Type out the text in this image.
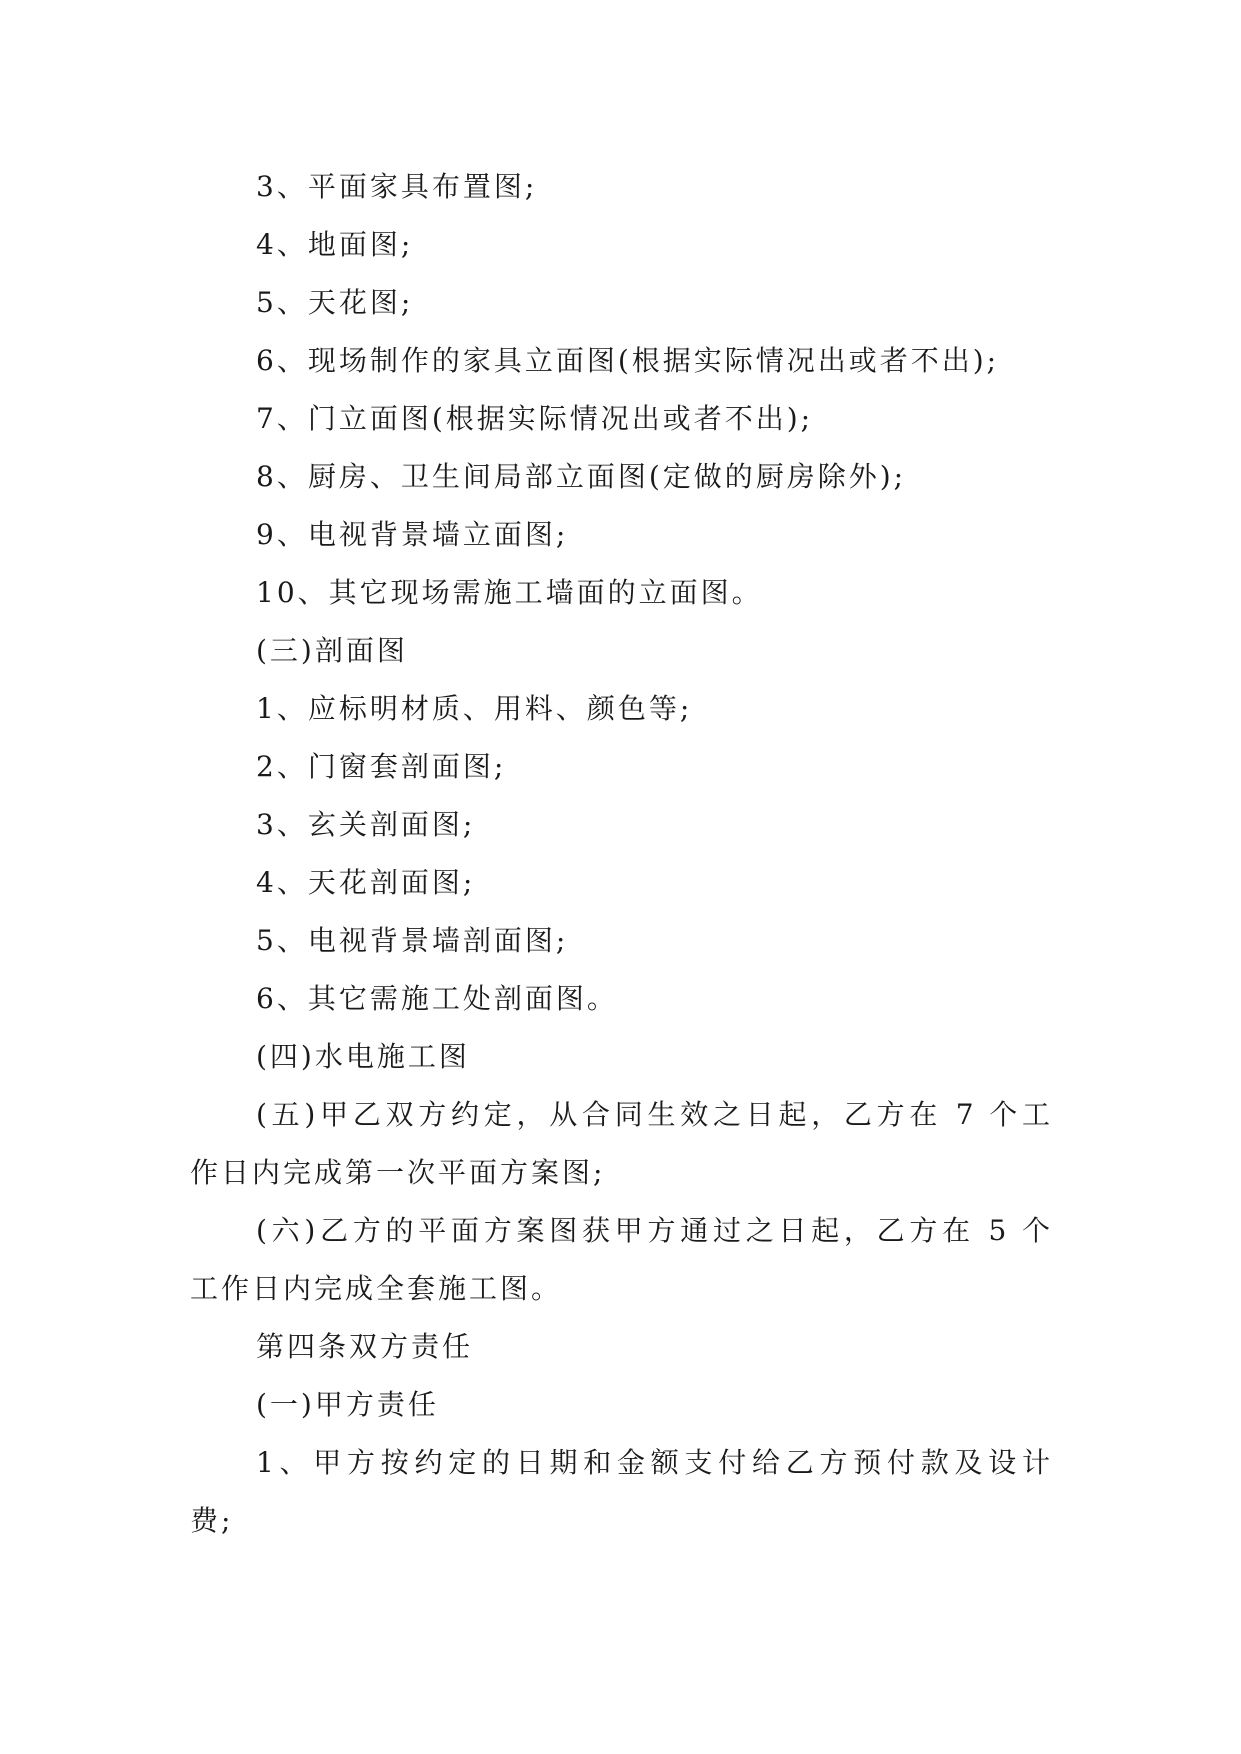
3、平面家具布置图;
4、地面图;
5、天花图;
6、现场制作的家具立面图(根据实际情况出或者不出);
7、门立面图(根据实际情况出或者不出);
8、厨房、卫生间局部立面图(定做的厨房除外);
9、电视背景墙立面图;
10、其它现场需施工墙面的立面图。
(三)剖面图
1、应标明材质、用料、颜色等;
2、门窗套剖面图;
3、玄关剖面图;
4、天花剖面图;
5、电视背景墙剖面图;
6、其它需施工处剖面图。
(四)水电施工图
(五)甲乙双方约定，从合同生效之日起，乙方在 7 个工
作日内完成第一次平面方案图;
(六)乙方的平面方案图获甲方通过之日起，乙方在 5 个
工作日内完成全套施工图。
第四条双方责任
(一)甲方责任
1、甲方按约定的日期和金额支付给乙方预付款及设计
费;
